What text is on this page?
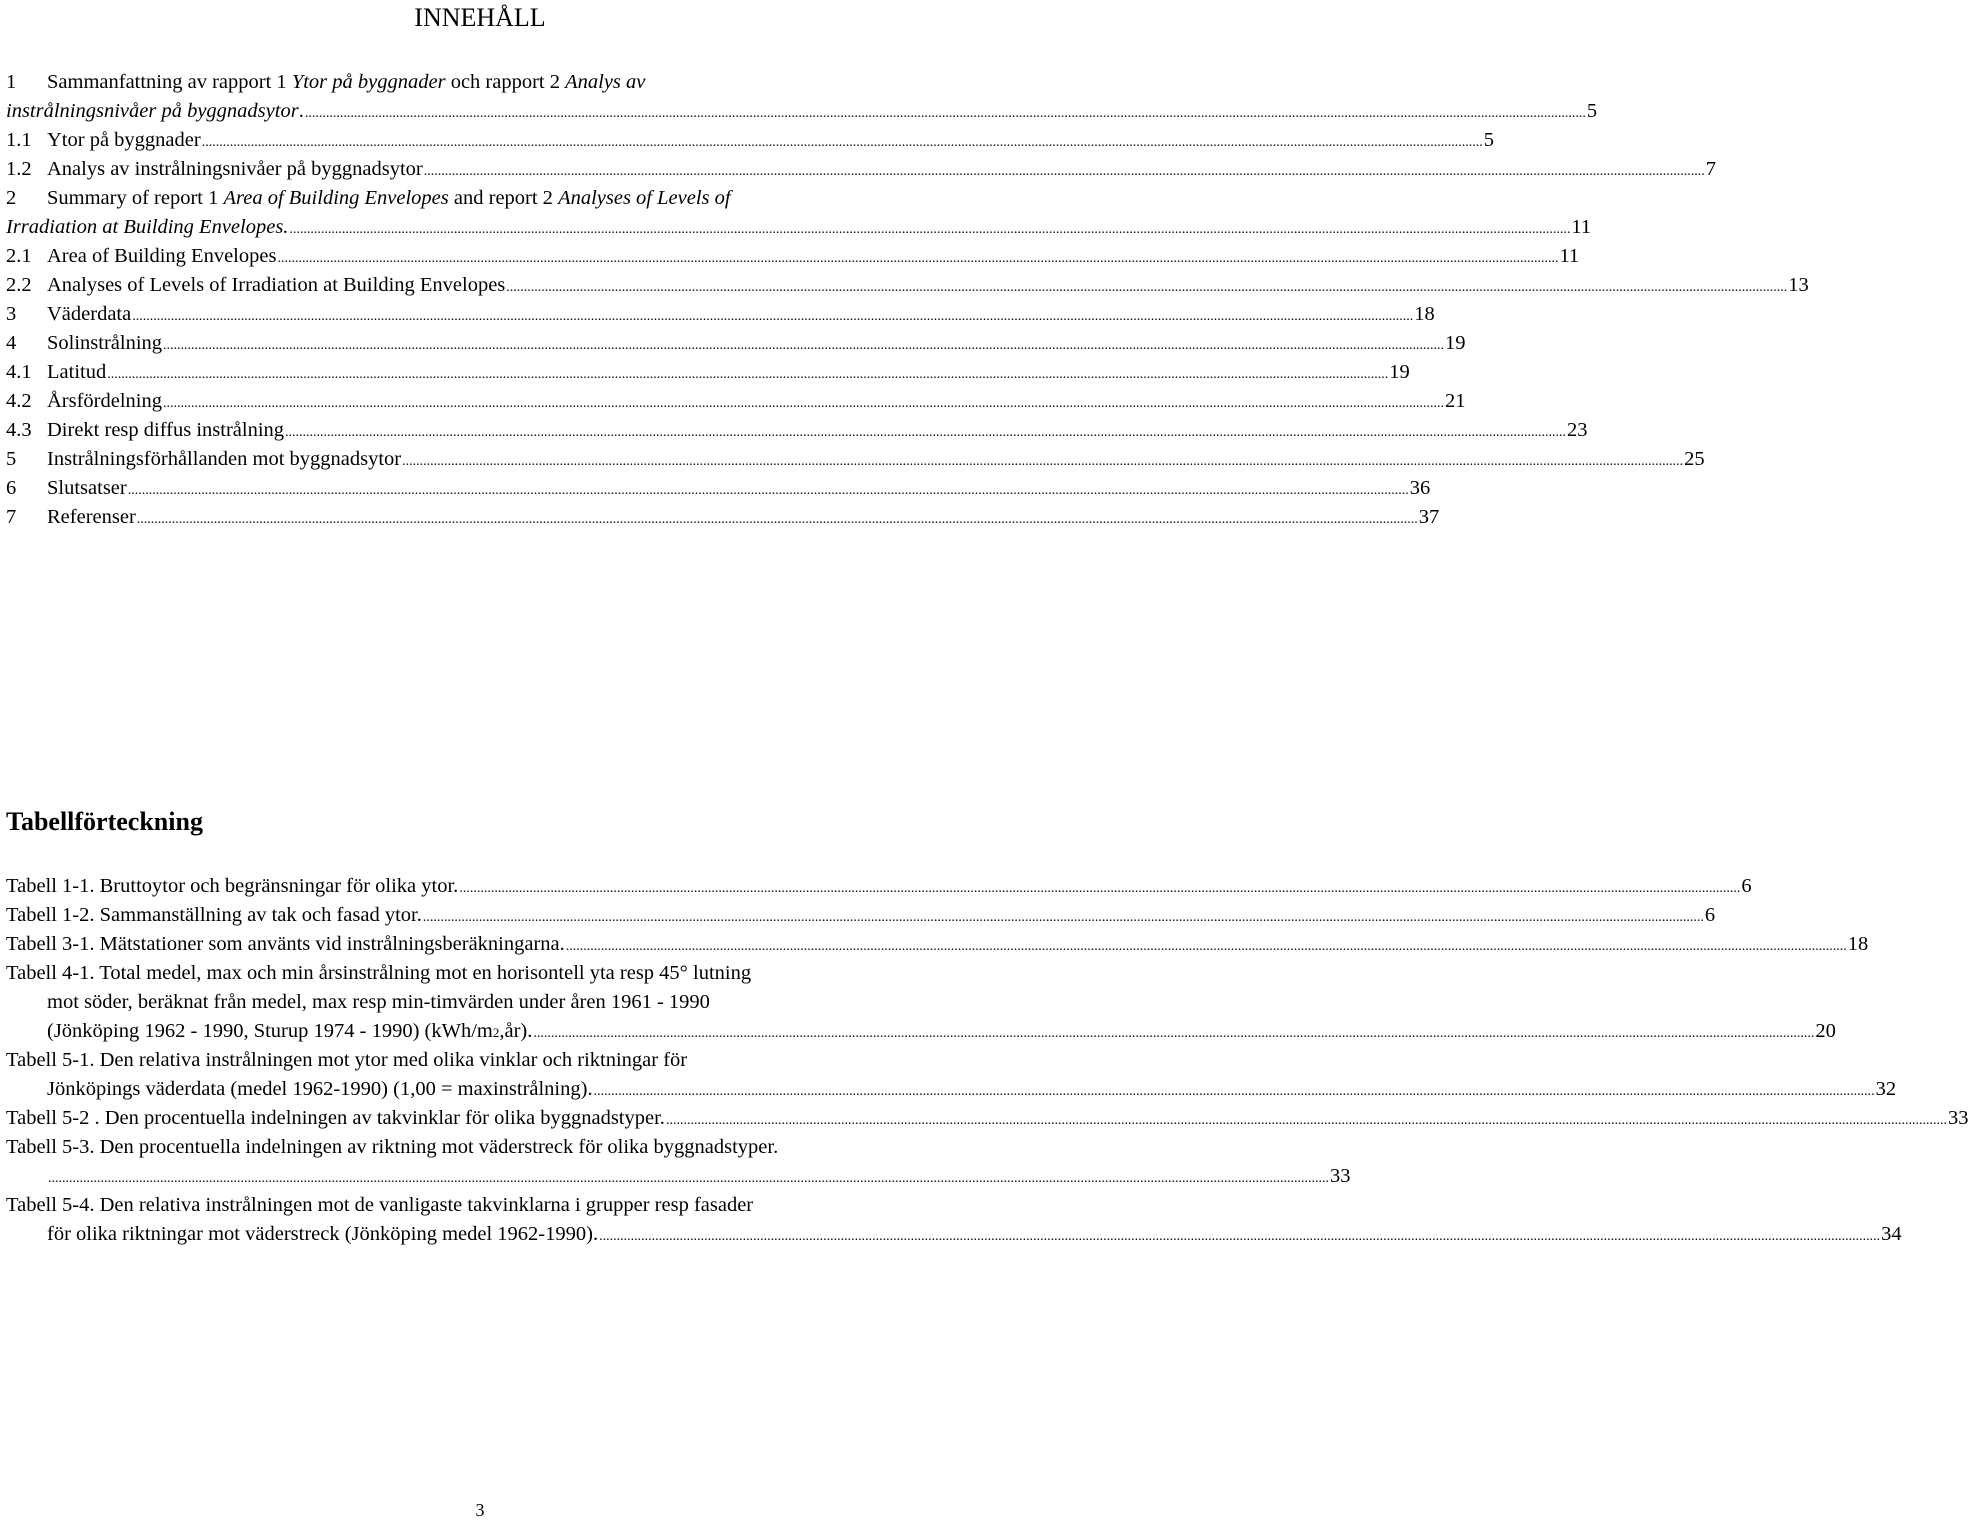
INNEHÅLL
1 Sammanfattning av rapport 1 Ytor på byggnader och rapport 2 Analys av
instrålningsnivåer på byggnadsytor . .............................................................................................................................................................................................................................................................................................................................................................................. 5
1.1 Ytor på byggnader .............................................................................................................................................................................................................................................................................................................................................................................. 5
1.2 Analys av instrålningsnivåer på byggnadsytor .............................................................................................................................................................................................................................................................................................................................................................................. 7
2 Summary of report 1 Area of Building Envelopes and report 2 Analyses of Levels of
Irradiation at Building Envelopes. .............................................................................................................................................................................................................................................................................................................................................................................. 11
2.1 Area of Building Envelopes .............................................................................................................................................................................................................................................................................................................................................................................. 11
2.2 Analyses of Levels of Irradiation at Building Envelopes .............................................................................................................................................................................................................................................................................................................................................................................. 13
3	Väderdata .............................................................................................................................................................................................................................................................................................................................................................................. 18
4	Solinstrålning .............................................................................................................................................................................................................................................................................................................................................................................. 19
4.1 Latitud .............................................................................................................................................................................................................................................................................................................................................................................. 19
4.2 Årsfördelning .............................................................................................................................................................................................................................................................................................................................................................................. 21
4.3 Direkt resp diffus instrålning .............................................................................................................................................................................................................................................................................................................................................................................. 23
5	Instrålningsförhållanden mot byggnadsytor .............................................................................................................................................................................................................................................................................................................................................................................. 25
6	Slutsatser .............................................................................................................................................................................................................................................................................................................................................................................. 36
7	Referenser .............................................................................................................................................................................................................................................................................................................................................................................. 37
Tabellförteckning
Tabell 1-1. Bruttoytor och begränsningar för olika ytor. .............................................................................................................................................................................................................................................................................................................................................................................. 6
Tabell 1-2. Sammanställning av tak och fasad ytor. .............................................................................................................................................................................................................................................................................................................................................................................. 6
Tabell 3-1. Mätstationer som använts vid instrålningsberäkningarna. .............................................................................................................................................................................................................................................................................................................................................................................. 18
Tabell 4-1. Total medel, max och min årsinstrålning mot en horisontell yta resp 45° lutning
mot söder, beräknat från medel, max resp min-timvärden under åren 1961 - 1990
(Jönköping 1962 - 1990, Sturup 1974 - 1990) (kWh/m 2 ,år). .............................................................................................................................................................................................................................................................................................................................................................................. 20
Tabell 5-1. Den relativa instrålningen mot ytor med olika vinklar och riktningar för
Jönköpings väderdata (medel 1962-1990) (1,00 = maxinstrålning). .............................................................................................................................................................................................................................................................................................................................................................................. 32
Tabell 5-2 . Den procentuella indelningen av takvinklar för olika byggnadstyper. .............................................................................................................................................................................................................................................................................................................................................................................. 33
Tabell 5-3. Den procentuella indelningen av riktning mot väderstreck för olika byggnadstyper.
.............................................................................................................................................................................................................................................................................................................................................................................. 33
Tabell 5-4. Den relativa instrålningen mot de vanligaste takvinklarna i grupper resp fasader
för olika riktningar mot väderstreck (Jönköping medel 1962-1990). .............................................................................................................................................................................................................................................................................................................................................................................. 34
3
